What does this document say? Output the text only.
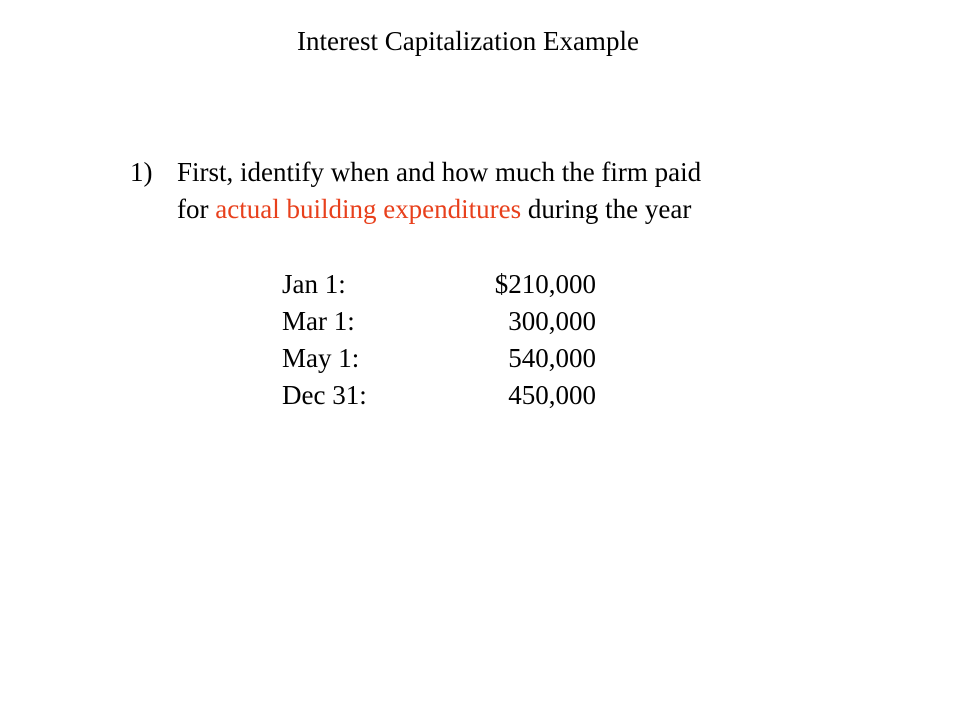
Interest Capitalization Example
1) First, identify when and how much the firm paid
for actual building expenditures during the year
Jan 1:	$210,000
Mar 1:	300,000
May 1:	540,000
Dec 31:	450,000
